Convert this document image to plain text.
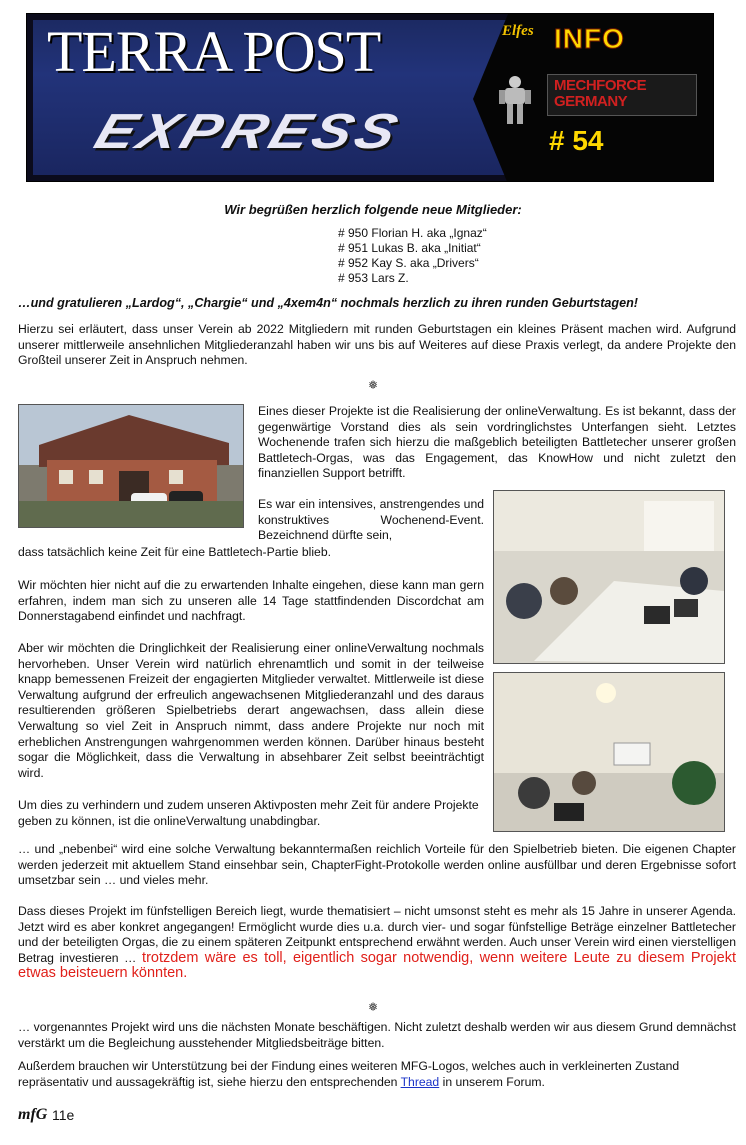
TERRA POST
EXPRESS
Elfes INFO
MECHFORCE GERMANY
# 54

Wir begrüßen herzlich folgende neue Mitglieder:

# 950 Florian H. aka „Ignaz“
# 951 Lukas B. aka „Initiat“
# 952 Kay S. aka „Drivers“
# 953 Lars Z.

…und gratulieren „Lardog“, „Chargie“ und „4xem4n“ nochmals herzlich zu ihren runden Geburtstagen!

Hierzu sei erläutert, dass unser Verein ab 2022 Mitgliedern mit runden Geburtstagen ein kleines Präsent machen wird. Aufgrund unserer mittlerweile ansehnlichen Mitgliederanzahl haben wir uns bis auf Weiteres auf diese Praxis verlegt, da andere Projekte den Großteil unserer Zeit in Anspruch nehmen.

❅

Eines dieser Projekte ist die Realisierung der onlineVerwaltung. Es ist bekannt, dass der gegenwärtige Vorstand dies als sein vordringlichstes Unterfangen sieht. Letztes Wochenende trafen sich hierzu die maßgeblich beteiligten Battletecher unserer großen Battletech-Orgas, was das Engagement, das KnowHow und nicht zuletzt den finanziellen Support betrifft.

Es war ein intensives, anstrengendes und konstruktives Wochenend-Event. Bezeichnend dürfte sein,

dass tatsächlich keine Zeit für eine Battletech-Partie blieb.

Wir möchten hier nicht auf die zu erwartenden Inhalte eingehen, diese kann man gern erfahren, indem man sich zu unseren alle 14 Tage stattfindenden Discordchat am Donnerstagabend einfindet und nachfragt.

Aber wir möchten die Dringlichkeit der Realisierung einer onlineVerwaltung nochmals hervorheben. Unser Verein wird natürlich ehrenamtlich und somit in der teilweise knapp bemessenen Freizeit der engagierten Mitglieder verwaltet. Mittlerweile ist diese Verwaltung aufgrund der erfreulich angewachsenen Mitgliederanzahl und des daraus resultierenden größeren Spielbetriebs derart angewachsen, dass allein diese Verwaltung so viel Zeit in Anspruch nimmt, dass andere Projekte nur noch mit erheblichen Anstrengungen wahrgenommen werden können. Darüber hinaus besteht sogar die Möglichkeit, dass die Verwaltung in absehbarer Zeit selbst beeinträchtigt wird.

Um dies zu verhindern und zudem unseren Aktivposten mehr Zeit für andere Projekte geben zu können, ist die onlineVerwaltung unabdingbar.

… und „nebenbei“ wird eine solche Verwaltung bekanntermaßen reichlich Vorteile für den Spielbetrieb bieten. Die eigenen Chapter werden jederzeit mit aktuellem Stand einsehbar sein, ChapterFight-Protokolle werden online ausfüllbar und deren Ergebnisse sofort umsetzbar sein … und vieles mehr.

Dass dieses Projekt im fünfstelligen Bereich liegt, wurde thematisiert – nicht umsonst steht es mehr als 15 Jahre in unserer Agenda. Jetzt wird es aber konkret angegangen! Ermöglicht wurde dies u.a. durch vier- und sogar fünfstellige Beträge einzelner Battletecher und der beteiligten Orgas, die zu einem späteren Zeitpunkt entsprechend erwähnt werden. Auch unser Verein wird einen vierstelligen Betrag investieren … trotzdem wäre es toll, eigentlich sogar notwendig, wenn weitere Leute zu diesem Projekt etwas beisteuern könnten.

❅

… vorgenanntes Projekt wird uns die nächsten Monate beschäftigen. Nicht zuletzt deshalb werden wir aus diesem Grund demnächst verstärkt um die Begleichung ausstehender Mitgliedsbeiträge bitten.

Außerdem brauchen wir Unterstützung bei der Findung eines weiteren MFG-Logos, welches auch in verkleinerten Zustand repräsentativ und aussagekräftig ist, siehe hierzu den entsprechenden Thread in unserem Forum.

mfG 11e
